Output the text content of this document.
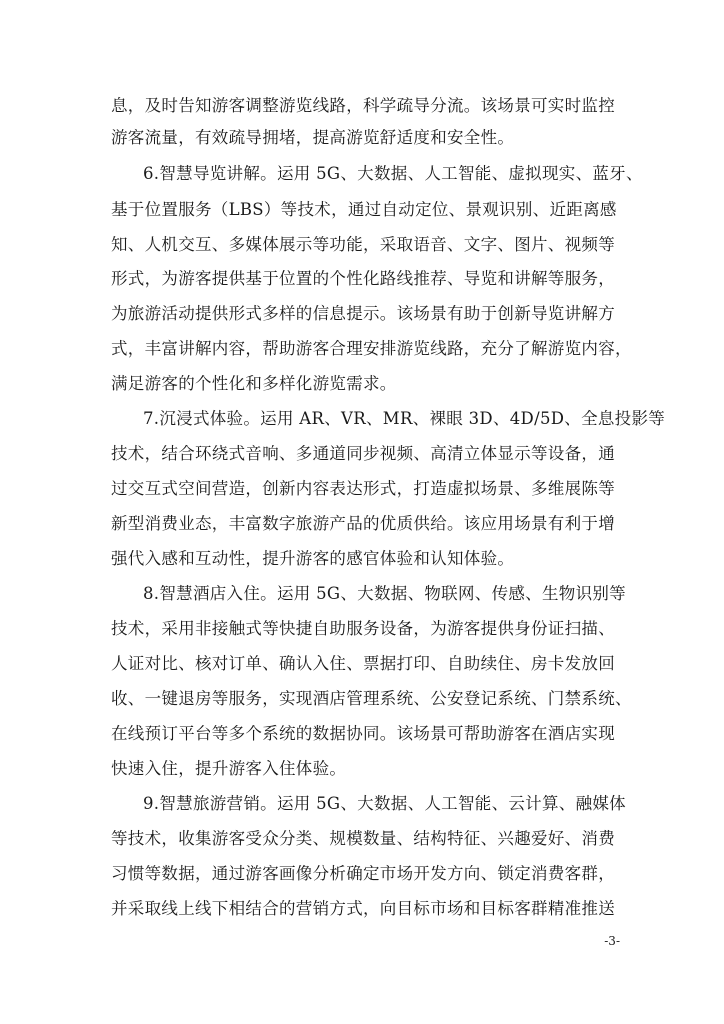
息，及时告知游客调整游览线路，科学疏导分流。该场景可实时监控
游客流量，有效疏导拥堵，提高游览舒适度和安全性。
6.智慧导览讲解。运用 5G、大数据、人工智能、虚拟现实、蓝牙、
基于位置服务（LBS）等技术，通过自动定位、景观识别、近距离感
知、人机交互、多媒体展示等功能，采取语音、文字、图片、视频等
形式，为游客提供基于位置的个性化路线推荐、导览和讲解等服务，
为旅游活动提供形式多样的信息提示。该场景有助于创新导览讲解方
式，丰富讲解内容，帮助游客合理安排游览线路，充分了解游览内容，
满足游客的个性化和多样化游览需求。
7.沉浸式体验。运用 AR、VR、MR、裸眼 3D、4D/5D、全息投影等
技术，结合环绕式音响、多通道同步视频、高清立体显示等设备，通
过交互式空间营造，创新内容表达形式，打造虚拟场景、多维展陈等
新型消费业态，丰富数字旅游产品的优质供给。该应用场景有利于增
强代入感和互动性，提升游客的感官体验和认知体验。
8.智慧酒店入住。运用 5G、大数据、物联网、传感、生物识别等
技术，采用非接触式等快捷自助服务设备，为游客提供身份证扫描、
人证对比、核对订单、确认入住、票据打印、自助续住、房卡发放回
收、一键退房等服务，实现酒店管理系统、公安登记系统、门禁系统、
在线预订平台等多个系统的数据协同。该场景可帮助游客在酒店实现
快速入住，提升游客入住体验。
9.智慧旅游营销。运用 5G、大数据、人工智能、云计算、融媒体
等技术，收集游客受众分类、规模数量、结构特征、兴趣爱好、消费
习惯等数据，通过游客画像分析确定市场开发方向、锁定消费客群，
并采取线上线下相结合的营销方式，向目标市场和目标客群精准推送
-3-
